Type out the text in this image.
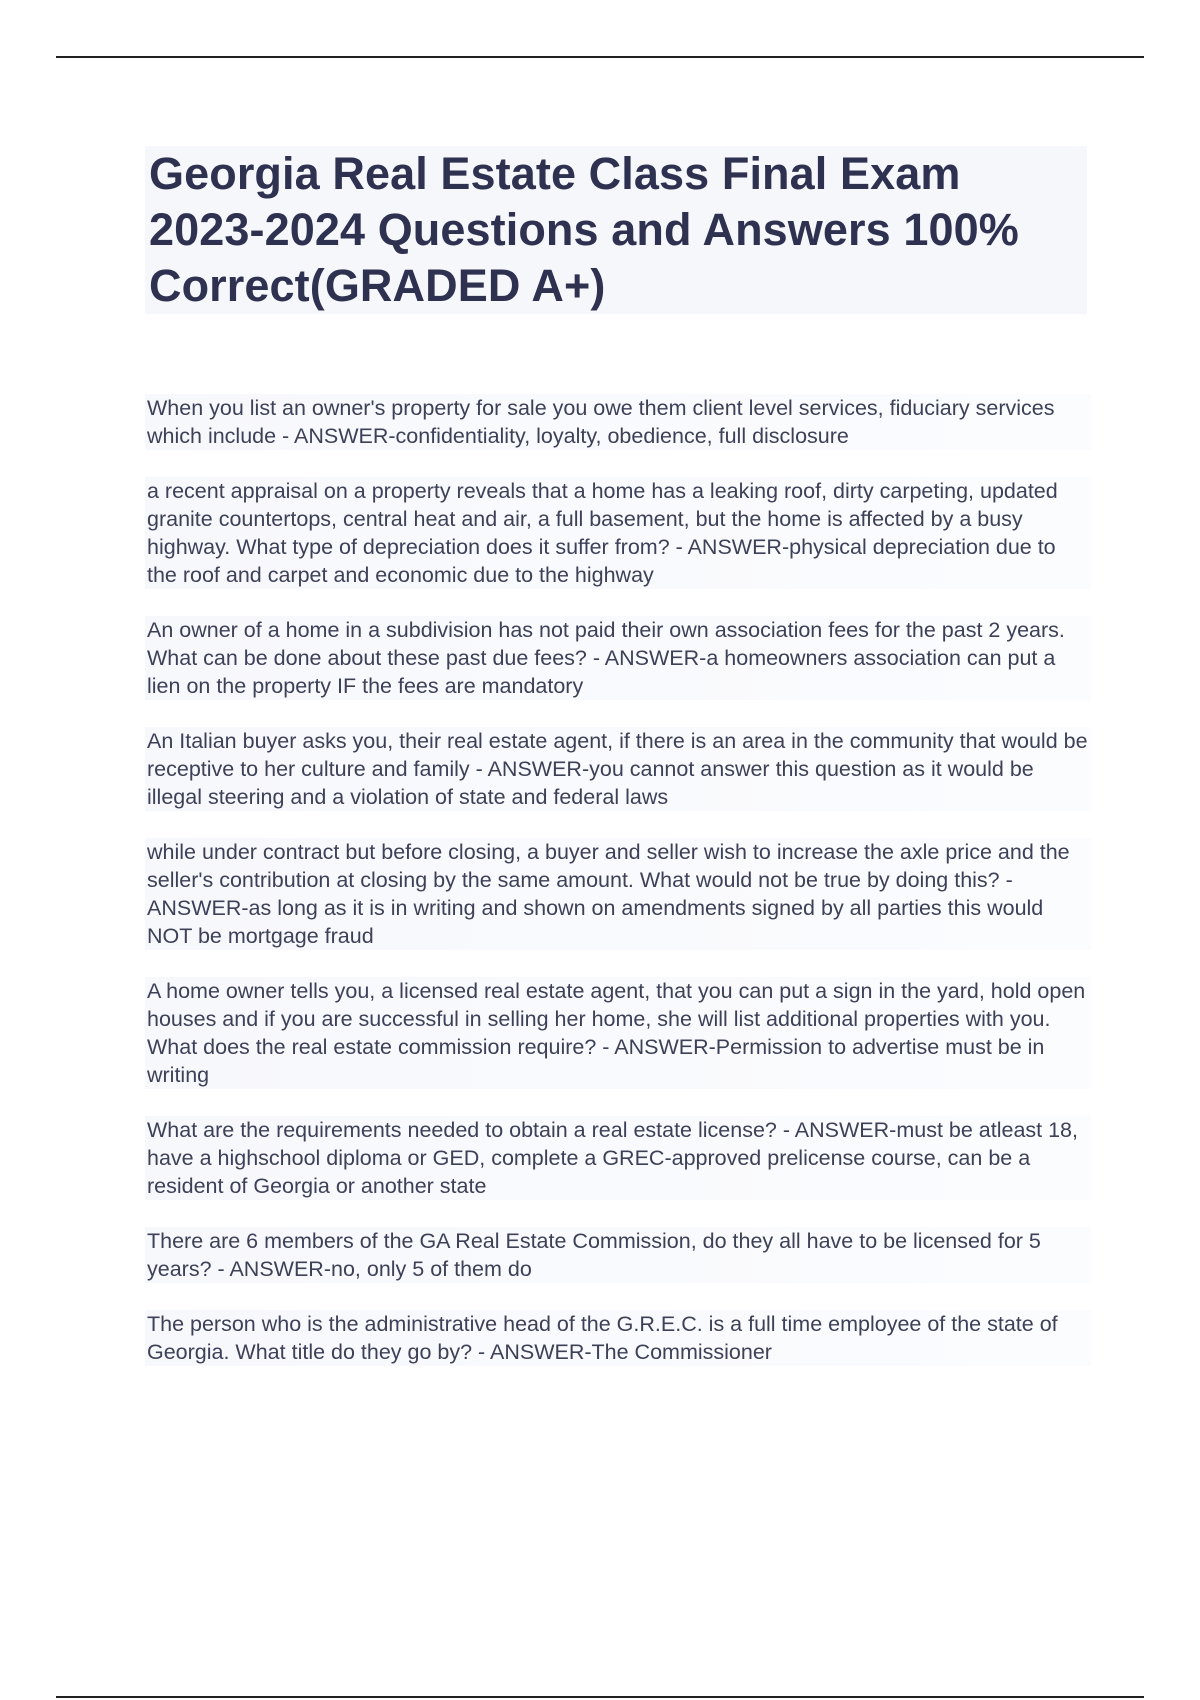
Georgia Real Estate Class Final Exam 2023-2024 Questions and Answers 100% Correct(GRADED A+)

When you list an owner's property for sale you owe them client level services, fiduciary services which include - ANSWER-confidentiality, loyalty, obedience, full disclosure

a recent appraisal on a property reveals that a home has a leaking roof, dirty carpeting, updated granite countertops, central heat and air, a full basement, but the home is affected by a busy highway. What type of depreciation does it suffer from? - ANSWER-physical depreciation due to the roof and carpet and economic due to the highway

An owner of a home in a subdivision has not paid their own association fees for the past 2 years. What can be done about these past due fees? - ANSWER-a homeowners association can put a lien on the property IF the fees are mandatory

An Italian buyer asks you, their real estate agent, if there is an area in the community that would be receptive to her culture and family - ANSWER-you cannot answer this question as it would be illegal steering and a violation of state and federal laws

while under contract but before closing, a buyer and seller wish to increase the axle price and the seller's contribution at closing by the same amount. What would not be true by doing this? - ANSWER-as long as it is in writing and shown on amendments signed by all parties this would NOT be mortgage fraud

A home owner tells you, a licensed real estate agent, that you can put a sign in the yard, hold open houses and if you are successful in selling her home, she will list additional properties with you. What does the real estate commission require? - ANSWER-Permission to advertise must be in writing

What are the requirements needed to obtain a real estate license? - ANSWER-must be atleast 18, have a highschool diploma or GED, complete a GREC-approved prelicense course, can be a resident of Georgia or another state

There are 6 members of the GA Real Estate Commission, do they all have to be licensed for 5 years? - ANSWER-no, only 5 of them do

The person who is the administrative head of the G.R.E.C. is a full time employee of the state of Georgia. What title do they go by? - ANSWER-The Commissioner
